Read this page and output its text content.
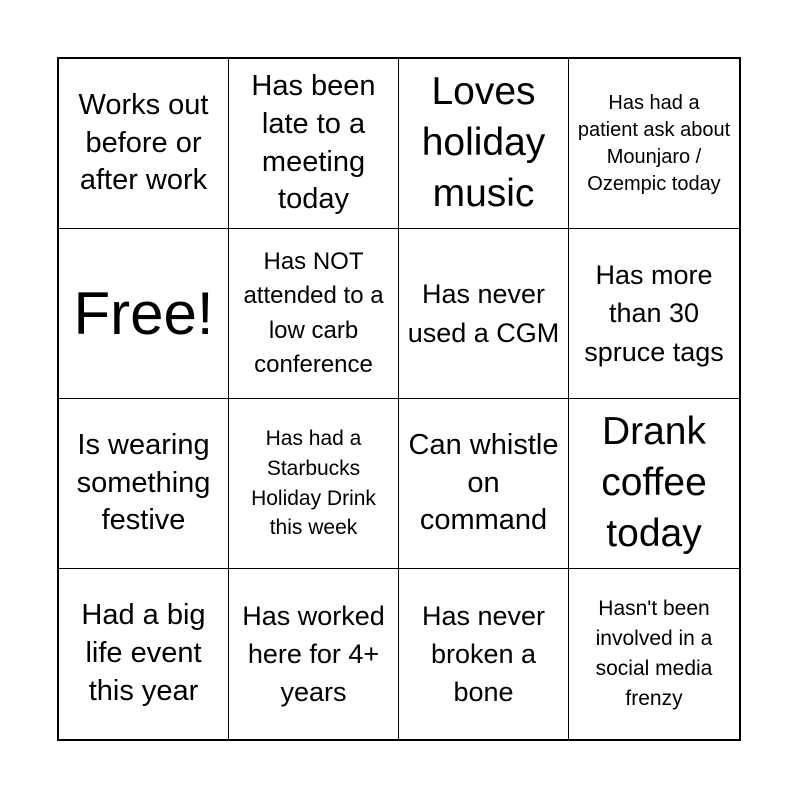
Works out before or after work
Has been late to a meeting today
Loves holiday music
Has had a patient ask about Mounjaro / Ozempic today
Free!
Has NOT attended to a low carb conference
Has never used a CGM
Has more than 30 spruce tags
Is wearing something festive
Has had a Starbucks Holiday Drink this week
Can whistle on command
Drank coffee today
Had a big life event this year
Has worked here for 4+ years
Has never broken a bone
Hasn't been involved in a social media frenzy
